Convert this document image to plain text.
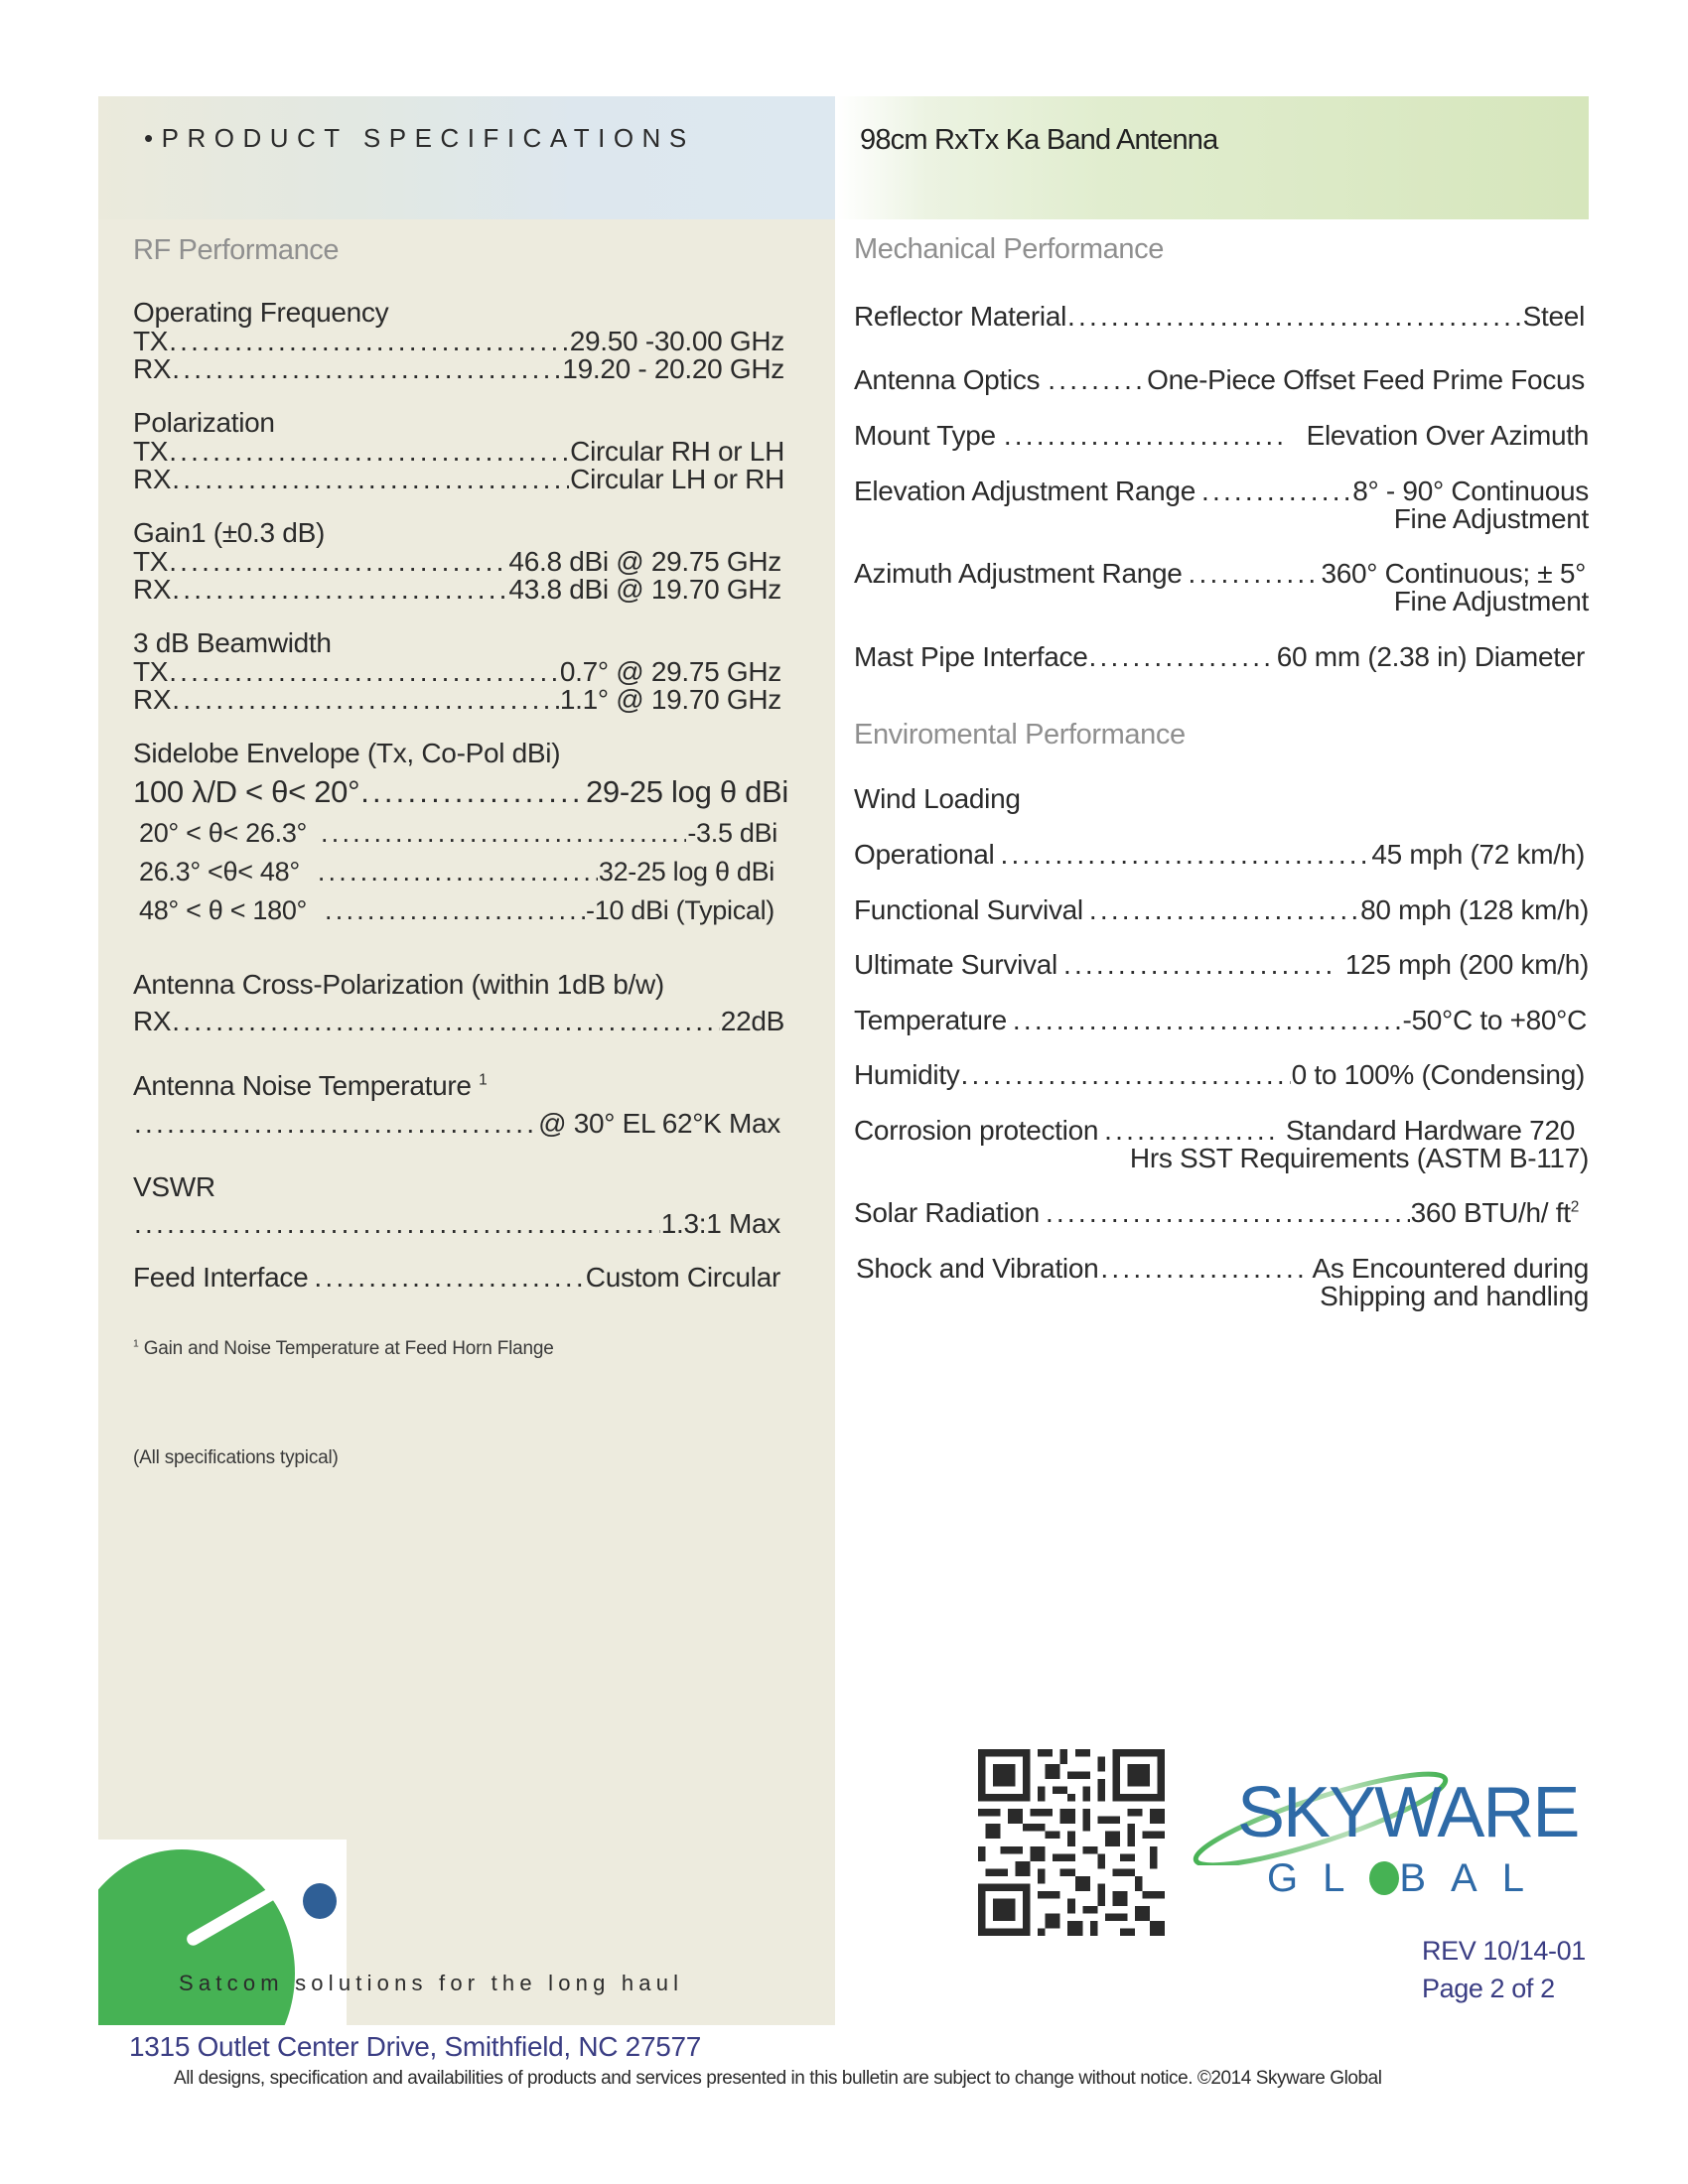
•PRODUCT SPECIFICATIONS	98cm RxTx Ka Band Antenna
RF Performance
Operating Frequency
TX .....	29.50 -30.00 GHz
RX .....	19.20 - 20.20 GHz
Polarization
TX .....	Circular RH or LH
RX .....	Circular LH or RH
Gain1 (±0.3 dB)
TX .....	46.8 dBi @ 29.75 GHz
RX .....	43.8 dBi @ 19.70 GHz
3 dB Beamwidth
TX .....	0.7° @ 29.75 GHz
RX .....	1.1° @ 19.70 GHz
Sidelobe Envelope (Tx, Co-Pol dBi)
100 λ/D < θ< 20° .....	29-25 log θ dBi
20° < θ< 26.3° .....	-3.5 dBi
26.3° <θ< 48° .....	32-25 log θ dBi
48° < θ < 180° .....	-10 dBi (Typical)
Antenna Cross-Polarization (within 1dB b/w)
RX .....	22dB
Antenna Noise Temperature $^1$
.....
@ 30° EL 62°K Max
VSWR
.....
1.3:1 Max
Feed Interface .....	Custom Circular
$^1$ Gain and Noise Temperature at Feed Horn Flange
(All specifications typical)
Mechanical Performance
Reflector Material .....	Steel
Antenna Optics .....	One-Piece Offset Feed Prime Focus
Mount Type .....	Elevation Over Azimuth
Elevation Adjustment Range .....	8° - 90° Continuous
Fine Adjustment
Azimuth Adjustment Range .....	360° Continuous; ± 5°
Fine Adjustment
Mast Pipe Interface .....	60 mm (2.38 in) Diameter
Enviromental Performance
Wind Loading
Operational .....	45 mph (72 km/h)
Functional Survival .....	80 mph (128 km/h)
Ultimate Survival .....	125 mph (200 km/h)
Temperature .....	-50°C to +80°C
Humidity .....	0 to 100% (Condensing)
Corrosion protection .....	Standard Hardware 720
Hrs SST Requirements (ASTM B-117)
Solar Radiation .....	360 BTU/h/ $ft^2$
Shock and Vibration .....	As Encountered during
Shipping and handling
Satcom solutions for the long haul
SKYWARE
GL BAL
REV 10/14-01
Page 2 of 2
1315 Outlet Center Drive, Smithfield, NC 27577
All designs, specification and availabilities of products and services presented in this bulletin are subject to change without notice. ©2014 Skyware Global
